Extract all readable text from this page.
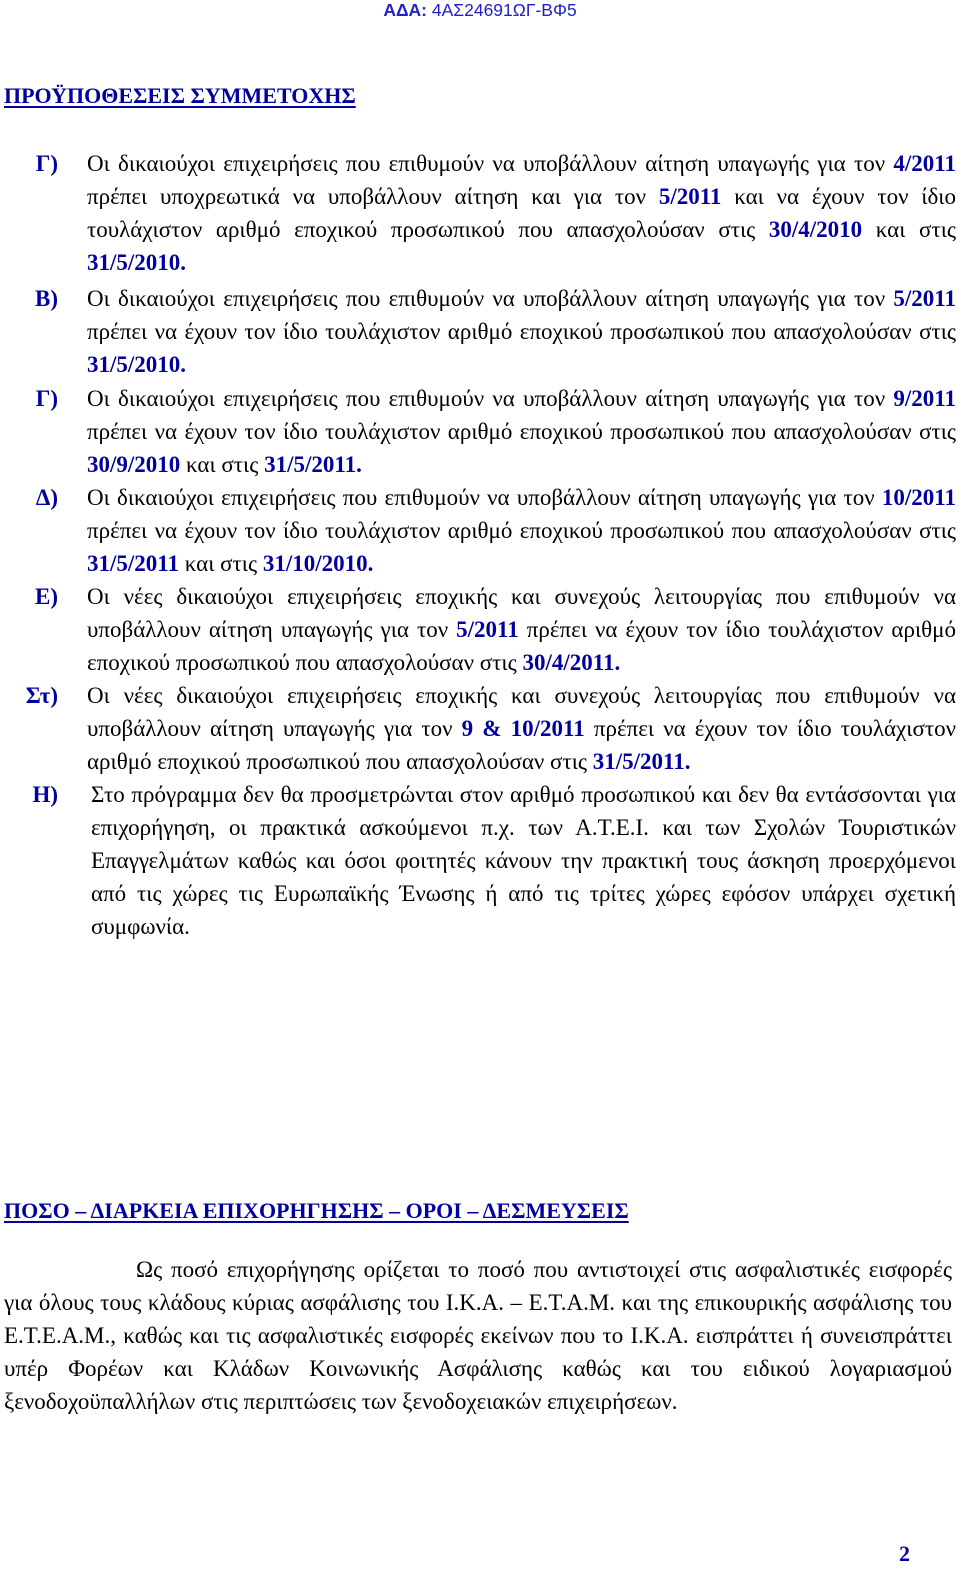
ΑΔΑ: 4ΑΣ24691ΩΓ-ΒΦ5
ΠΡΟΫΠΟΘΕΣΕΙΣ ΣΥΜΜΕΤΟΧΗΣ
Γ) Οι δικαιούχοι επιχειρήσεις που επιθυμούν να υποβάλλουν αίτηση υπαγωγής για τον 4/2011 πρέπει υποχρεωτικά να υποβάλλουν αίτηση και για τον 5/2011 και να έχουν τον ίδιο τουλάχιστον αριθμό εποχικού προσωπικού που απασχολούσαν στις 30/4/2010 και στις 31/5/2010.
Β) Οι δικαιούχοι επιχειρήσεις που επιθυμούν να υποβάλλουν αίτηση υπαγωγής για τον 5/2011 πρέπει να έχουν τον ίδιο τουλάχιστον αριθμό εποχικού προσωπικού που απασχολούσαν στις 31/5/2010.
Γ) Οι δικαιούχοι επιχειρήσεις που επιθυμούν να υποβάλλουν αίτηση υπαγωγής για τον 9/2011 πρέπει να έχουν τον ίδιο τουλάχιστον αριθμό εποχικού προσωπικού που απασχολούσαν στις 30/9/2010 και στις 31/5/2011.
Δ) Οι δικαιούχοι επιχειρήσεις που επιθυμούν να υποβάλλουν αίτηση υπαγωγής για τον 10/2011 πρέπει να έχουν τον ίδιο τουλάχιστον αριθμό εποχικού προσωπικού που απασχολούσαν στις 31/5/2011 και στις 31/10/2010.
Ε) Οι νέες δικαιούχοι επιχειρήσεις εποχικής και συνεχούς λειτουργίας που επιθυμούν να υποβάλλουν αίτηση υπαγωγής για τον 5/2011 πρέπει να έχουν τον ίδιο τουλάχιστον αριθμό εποχικού προσωπικού που απασχολούσαν στις 30/4/2011.
Στ) Οι νέες δικαιούχοι επιχειρήσεις εποχικής και συνεχούς λειτουργίας που επιθυμούν να υποβάλλουν αίτηση υπαγωγής για τον 9 & 10/2011 πρέπει να έχουν τον ίδιο τουλάχιστον αριθμό εποχικού προσωπικού που απασχολούσαν στις 31/5/2011.
Η) Στο πρόγραμμα δεν θα προσμετρώνται στον αριθμό προσωπικού και δεν θα εντάσσονται για επιχορήγηση, οι πρακτικά ασκούμενοι π.χ. των Α.Τ.Ε.Ι. και των Σχολών Τουριστικών Επαγγελμάτων καθώς και όσοι φοιτητές κάνουν την πρακτική τους άσκηση προερχόμενοι από τις χώρες τις Ευρωπαϊκής Ένωσης ή από τις τρίτες χώρες εφόσον υπάρχει σχετική συμφωνία.
ΠΟΣΟ – ΔΙΑΡΚΕΙΑ ΕΠΙΧΟΡΗΓΗΣΗΣ – ΟΡΟΙ – ΔΕΣΜΕΥΣΕΙΣ
Ως ποσό επιχορήγησης ορίζεται το ποσό που αντιστοιχεί στις ασφαλιστικές εισφορές για όλους τους κλάδους κύριας ασφάλισης του Ι.Κ.Α. – Ε.Τ.Α.Μ. και της επικουρικής ασφάλισης του Ε.Τ.Ε.Α.Μ., καθώς και τις ασφαλιστικές εισφορές εκείνων που το Ι.Κ.Α. εισπράττει ή συνεισπράττει υπέρ Φορέων και Κλάδων Κοινωνικής Ασφάλισης καθώς και του ειδικού λογαριασμού ξενοδοχοϋπαλλήλων στις περιπτώσεις των ξενοδοχειακών επιχειρήσεων.
2
